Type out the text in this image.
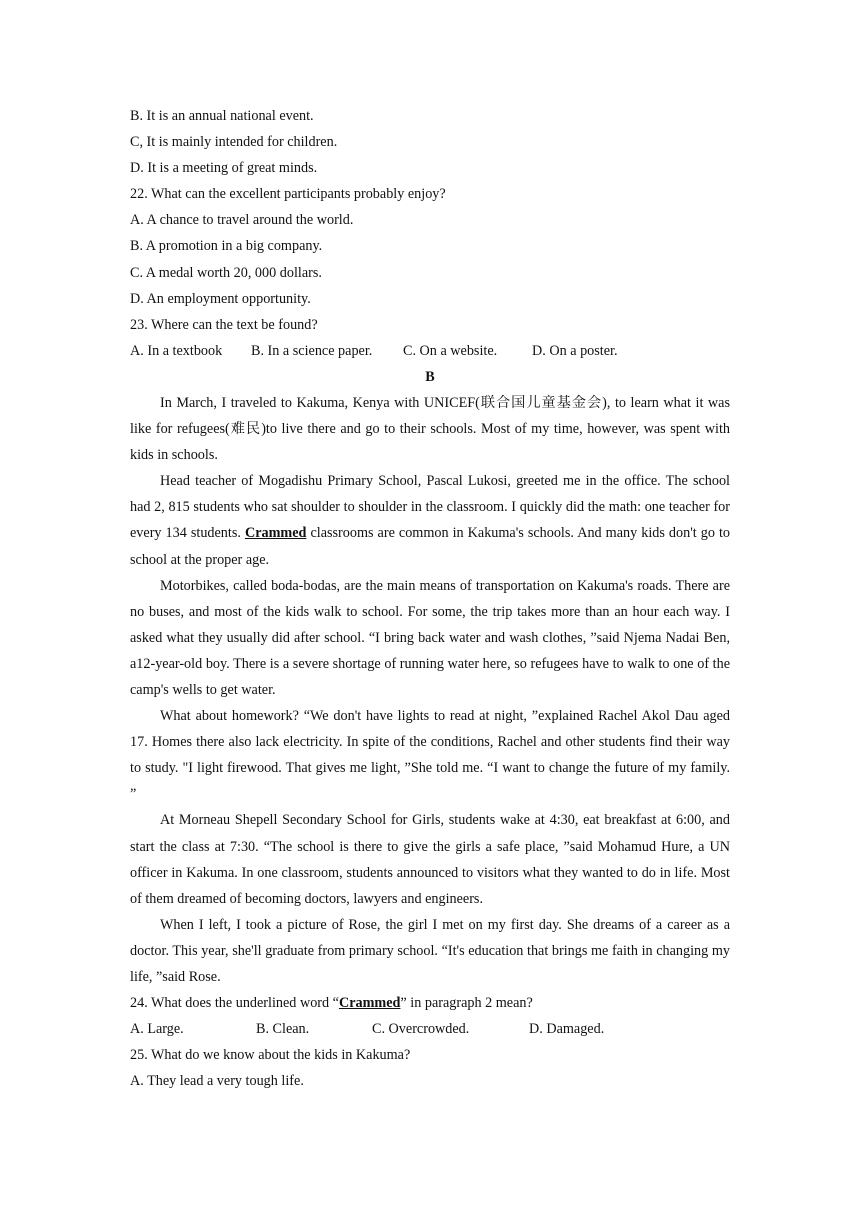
B. It is an annual national event.

C, It is mainly intended for children.

D. It is a meeting of great minds.

22. What can the excellent participants probably enjoy?

A. A chance to travel around the world.

B. A promotion in a big company.

C. A medal worth 20, 000 dollars.

D. An employment opportunity.

23. Where can the text be found?

A. In a textbook	B. In a science paper.	C. On a website.	D. On a poster.

B

In March, I traveled to Kakuma, Kenya with UNICEF(联合国儿童基金会), to learn what it was like for refugees(难民)to live there and go to their schools. Most of my time, however, was spent with kids in schools.

Head teacher of Mogadishu Primary School, Pascal Lukosi, greeted me in the office. The school had 2, 815 students who sat shoulder to shoulder in the classroom. I quickly did the math: one teacher for every 134 students. Crammed classrooms are common in Kakuma's schools. And many kids don't go to school at the proper age.

Motorbikes, called boda-bodas, are the main means of transportation on Kakuma's roads. There are no buses, and most of the kids walk to school. For some, the trip takes more than an hour each way. I asked what they usually did after school. “I bring back water and wash clothes, ”said Njema Nadai Ben, a12-year-old boy. There is a severe shortage of running water here, so refugees have to walk to one of the camp's wells to get water.

What about homework? “We don't have lights to read at night, ”explained Rachel Akol Dau aged 17. Homes there also lack electricity. In spite of the conditions, Rachel and other students find their way to study. "I light firewood. That gives me light, ”She told me. “I want to change the future of my family. ”

At Morneau Shepell Secondary School for Girls, students wake at 4:30, eat breakfast at 6:00, and start the class at 7:30. “The school is there to give the girls a safe place, ”said Mohamud Hure, a UN officer in Kakuma. In one classroom, students announced to visitors what they wanted to do in life. Most of them dreamed of becoming doctors, lawyers and engineers.

When I left, I took a picture of Rose, the girl I met on my first day. She dreams of a career as a doctor. This year, she'll graduate from primary school. “It's education that brings me faith in changing my life, ”said Rose.

24. What does the underlined word “Crammed” in paragraph 2 mean?

A. Large.	B. Clean.	C. Overcrowded.	D. Damaged.

25. What do we know about the kids in Kakuma?

A. They lead a very tough life.
